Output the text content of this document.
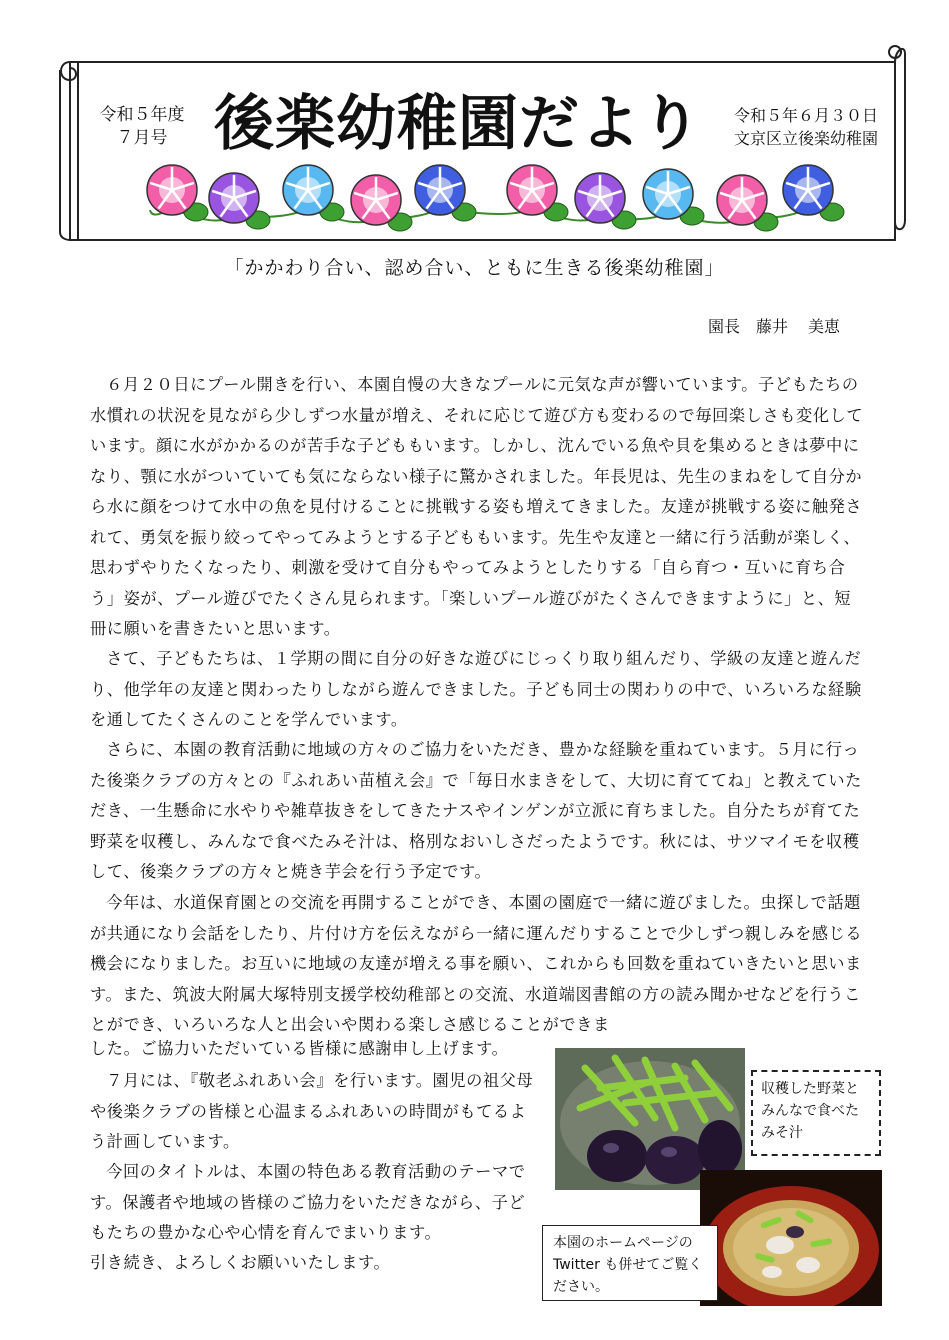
令和５年度
７月号 後楽幼稚園だより	令和５年６月３０日
文京区立後楽幼稚園
「かかわり合い、認め合い、ともに生きる後楽幼稚園」
園長 藤井 美恵

６月２０日にプール開きを行い、本園自慢の大きなプールに元気な声が響いています。子どもたちの水慣れの状況を見ながら少しずつ水量が増え、それに応じて遊び方も変わるので毎回楽しさも変化しています。顔に水がかかるのが苦手な子どももいます。しかし、沈んでいる魚や貝を集めるときは夢中になり、顎に水がついていても気にならない様子に驚かされました。年長児は、先生のまねをして自分から水に顔をつけて水中の魚を見付けることに挑戦する姿も増えてきました。友達が挑戦する姿に触発されて、勇気を振り絞ってやってみようとする子どももいます。先生や友達と一緒に行う活動が楽しく、思わずやりたくなったり、刺激を受けて自分もやってみようとしたりする「自ら育つ・互いに育ち合う」姿が、プール遊びでたくさん見られます。「楽しいプール遊びがたくさんできますように」と、短冊に願いを書きたいと思います。

さて、子どもたちは、１学期の間に自分の好きな遊びにじっくり取り組んだり、学級の友達と遊んだり、他学年の友達と関わったりしながら遊んできました。子ども同士の関わりの中で、いろいろな経験を通してたくさんのことを学んでいます。

さらに、本園の教育活動に地域の方々のご協力をいただき、豊かな経験を重ねています。５月に行った後楽クラブの方々との『ふれあい苗植え会』で「毎日水まきをして、大切に育ててね」と教えていただき、一生懸命に水やりや雑草抜きをしてきたナスやインゲンが立派に育ちました。自分たちが育てた野菜を収穫し、みんなで食べたみそ汁は、格別なおいしさだったようです。秋には、サツマイモを収穫して、後楽クラブの方々と焼き芋会を行う予定です。

今年は、水道保育園との交流を再開することができ、本園の園庭で一緒に遊びました。虫探しで話題が共通になり会話をしたり、片付け方を伝えながら一緒に運んだりすることで少しずつ親しみを感じる機会になりました。お互いに地域の友達が増える事を願い、これからも回数を重ねていきたいと思います。また、筑波大附属大塚特別支援学校幼稚部との交流、水道端図書館の方の読み聞かせなどを行うことができ、いろいろな人と出会いや関わる楽しさ感じることができま

した。ご協力いただいている皆様に感謝申し上げます。

７月には、『敬老ふれあい会』を行います。園児の祖父母や後楽クラブの皆様と心温まるふれあいの時間がもてるよう計画しています。

今回のタイトルは、本園の特色ある教育活動のテーマです。保護者や地域の皆様のご協力をいただきながら、子どもたちの豊かな心や心情を育んでまいります。

引き続き、よろしくお願いいたします。

収穫した野菜とみんなで食べたみそ汁
本園のホームページの Twitter も併せてご覧ください。
